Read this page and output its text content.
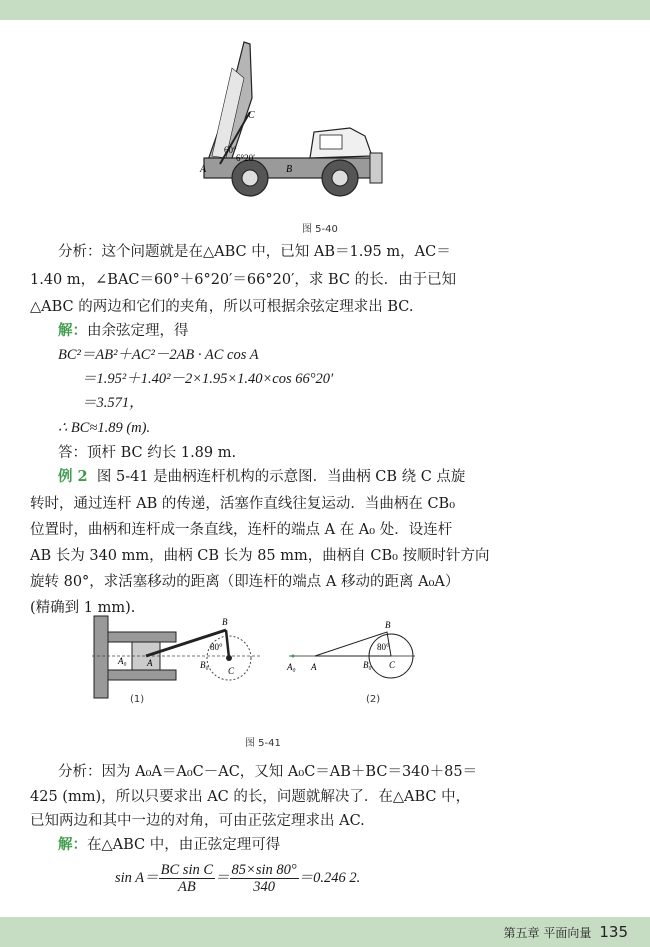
C
A	B
60°
6°20′
图 5-40
分析：这个问题就是在△ABC 中，已知 AB＝1.95 m，AC＝
1.40 m，∠BAC＝60°＋6°20′＝66°20′，求 BC 的长．由于已知
△ABC 的两边和它们的夹角，所以可根据余弦定理求出 BC.
解：由余弦定理，得
BC²＝AB²＋AC²－2AB · AC cos A
＝1.95²＋1.40²－2×1.95×1.40×cos 66°20′
＝3.571，
∴ BC≈1.89 (m).
答：顶杆 BC 约长 1.89 m.
例 2 图 5-41 是曲柄连杆机构的示意图．当曲柄 CB 绕 C 点旋
转时，通过连杆 AB 的传递，活塞作直线往复运动．当曲柄在 CB₀
位置时，曲柄和连杆成一条直线，连杆的端点 A 在 A₀ 处．设连杆
AB 长为 340 mm，曲柄 CB 长为 85 mm，曲柄自 CB₀ 按顺时针方向
旋转 80°，求活塞移动的距离（即连杆的端点 A 移动的距离 A₀A）
(精确到 1 mm).
A₀ A
B
B₀
C
80°
(1)
A₀ A
B
B₀ C
80°
(2)
图 5-41
分析：因为 A₀A＝A₀C－AC，又知 A₀C＝AB＋BC＝340＋85＝
425 (mm)，所以只要求出 AC 的长，问题就解决了．在△ABC 中，
已知两边和其中一边的对角，可由正弦定理求出 AC.
解：在△ABC 中，由正弦定理可得
$\sin A= \frac{\text{BC sin C}}{AB} = \frac{85\times\sin 80^\circ}{340} =0.246$ 2.
第五章 平面向量 135
